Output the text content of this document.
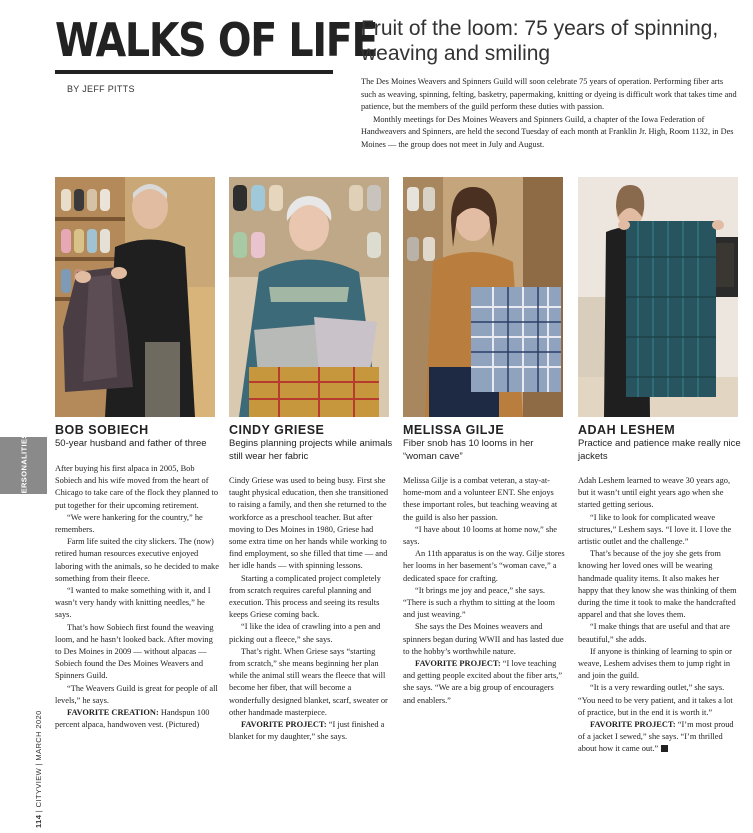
WALKS OF LIFE
BY JEFF PITTS
Fruit of the loom: 75 years of spinning, weaving and smiling

The Des Moines Weavers and Spinners Guild will soon celebrate 75 years of operation. Performing fiber arts such as weaving, spinning, felting, basketry, papermaking, knitting or dyeing is difficult work that takes time and patience, but the members of the guild perform these duties with passion.

Monthly meetings for Des Moines Weavers and Spinners Guild, a chapter of the Iowa Federation of Handweavers and Spinners, are held the second Tuesday of each month at Franklin Jr. High, Room 1132, in Des Moines — the group does not meet in July and August.

BOB SOBIECH
50-year husband and father of three
CINDY GRIESE
Begins planning projects while animals still wear her fabric
MELISSA GILJE
Fiber snob has 10 looms in her “woman cave”
ADAH LESHEM
Practice and patience make really nice jackets

After buying his first alpaca in 2005, Bob Sobiech and his wife moved from the heart of Chicago to take care of the flock they planned to put together for their upcoming retirement.

“We were hankering for the country,” he remembers.

Farm life suited the city slickers. The (now) retired human resources executive enjoyed laboring with the animals, so he decided to make something from their fleece.

“I wanted to make something with it, and I wasn’t very handy with knitting needles,” he says.

That’s how Sobiech first found the weaving loom, and he hasn’t looked back. After moving to Des Moines in 2009 — without alpacas — Sobiech found the Des Moines Weavers and Spinners Guild.

“The Weavers Guild is great for people of all levels,” he says.

FAVORITE CREATION: Handspun 100 percent alpaca, handwoven vest. (Pictured)

Cindy Griese was used to being busy. First she taught physical education, then she transitioned to raising a family, and then she returned to the workforce as a preschool teacher. But after moving to Des Moines in 1980, Griese had some extra time on her hands while working to find employment, so she filled that time — and her idle hands — with spinning lessons.

Starting a complicated project completely from scratch requires careful planning and execution. This process and seeing its results keeps Griese coming back.

“I like the idea of crawling into a pen and picking out a fleece,” she says.

That’s right. When Griese says “starting from scratch,” she means beginning her plan while the animal still wears the fleece that will become her fiber, that will become a wonderfully designed blanket, scarf, sweater or other handmade masterpiece.

FAVORITE PROJECT: “I just finished a blanket for my daughter,” she says.

Melissa Gilje is a combat veteran, a stay-at-home-mom and a volunteer ENT. She enjoys these important roles, but teaching weaving at the guild is also her passion.

“I have about 10 looms at home now,” she says.

An 11th apparatus is on the way. Gilje stores her looms in her basement’s “woman cave,” a dedicated space for crafting.

“It brings me joy and peace,” she says. “There is such a rhythm to sitting at the loom and just weaving.”

She says the Des Moines weavers and spinners began during WWII and has lasted due to the hobby’s worthwhile nature.

FAVORITE PROJECT: “I love teaching and getting people excited about the fiber arts,” she says. “We are a big group of encouragers and enablers.”

Adah Leshem learned to weave 30 years ago, but it wasn’t until eight years ago when she started getting serious.

“I like to look for complicated weave structures,” Leshem says. “I love it. I love the artistic outlet and the challenge.”

That’s because of the joy she gets from knowing her loved ones will be wearing handmade quality items. It also makes her happy that they know she was thinking of them during the time it took to make the handcrafted apparel and that she loves them.

“I make things that are useful and that are beautiful,” she adds.

If anyone is thinking of learning to spin or weave, Leshem advises them to jump right in and join the guild.

“It is a very rewarding outlet,” she says. “You need to be very patient, and it takes a lot of practice, but in the end it is worth it.”

FAVORITE PROJECT: “I’m most proud of a jacket I sewed,” she says. “I’m thrilled about how it came out.”

PERSONALITIES
114 | CITYVIEW | MARCH 2020
